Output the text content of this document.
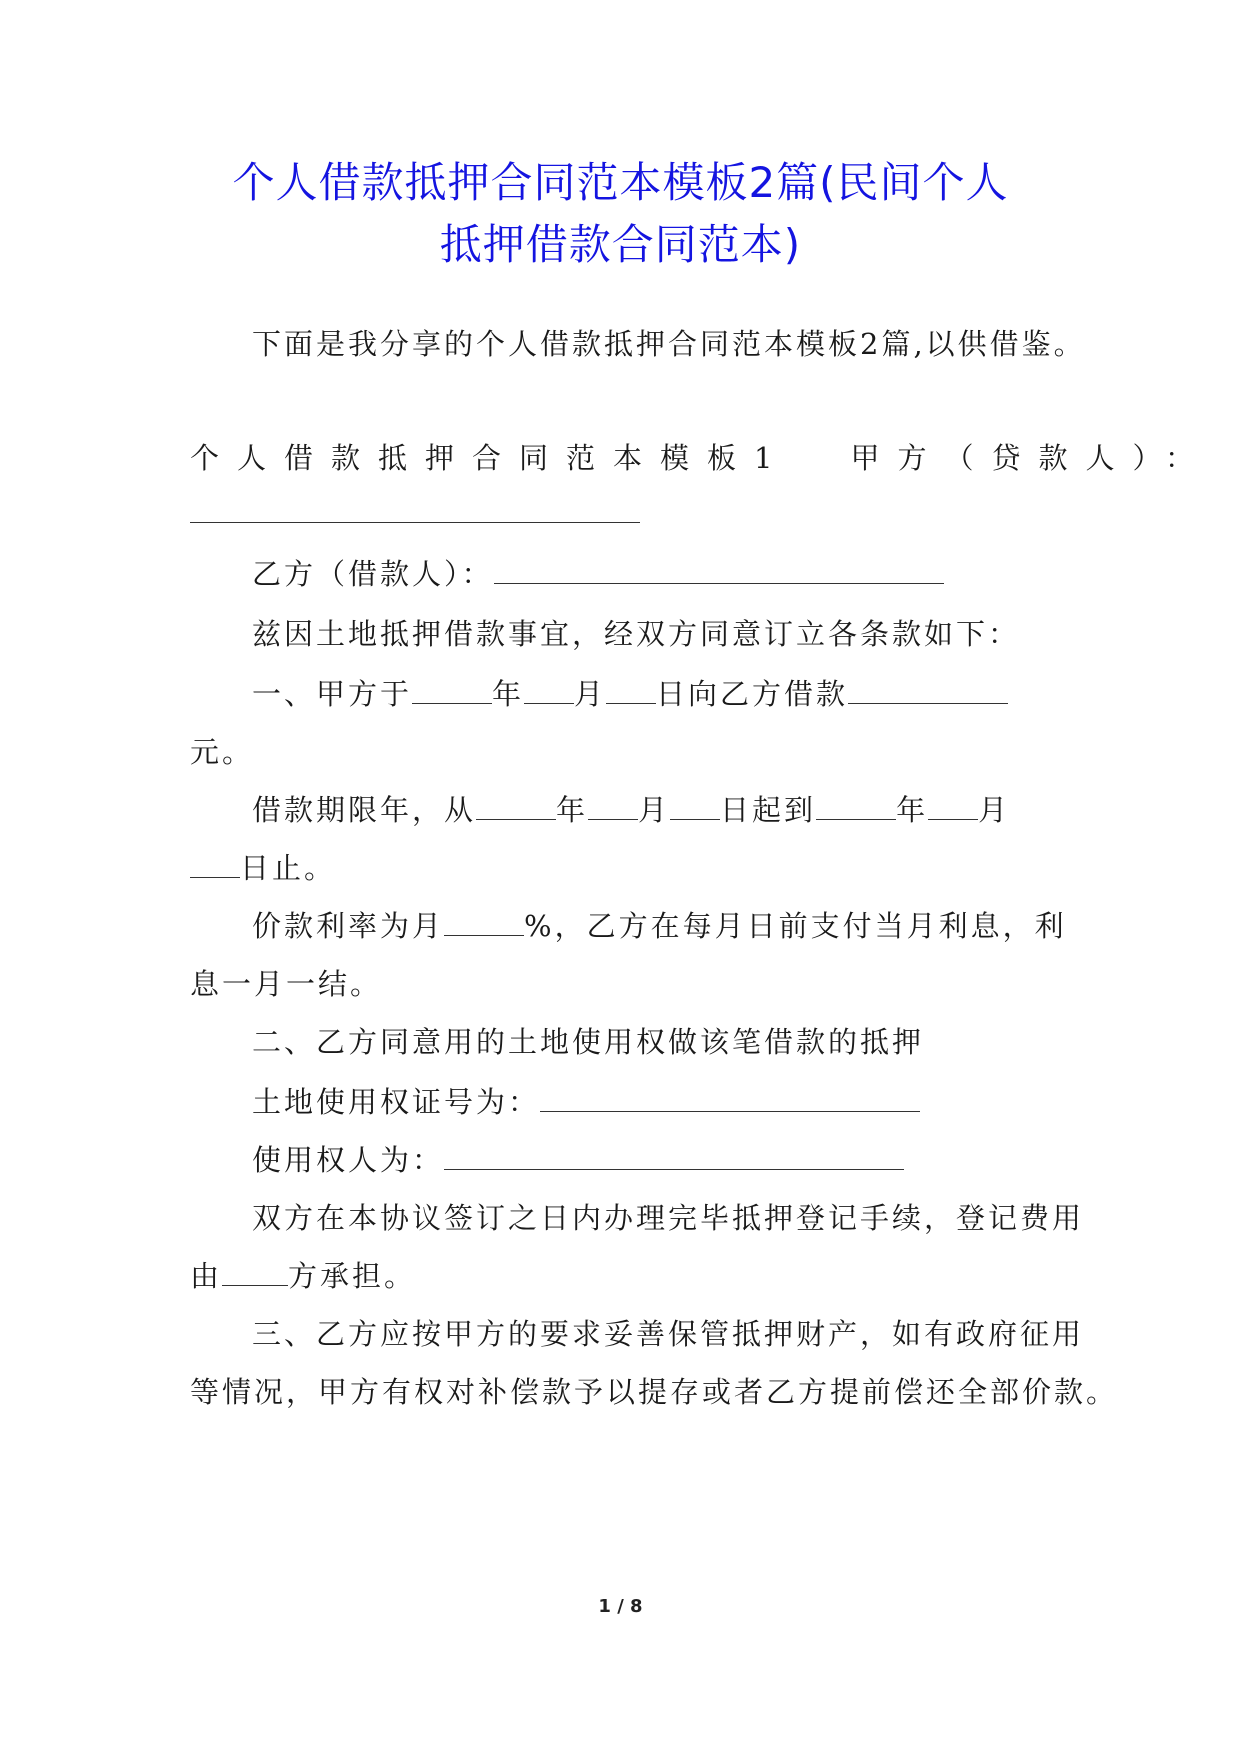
个人借款抵押合同范本模板2篇(民间个人
抵押借款合同范本)
下面是我分享的个人借款抵押合同范本模板2篇,以供借鉴。
个人借款抵押合同范本模板1 甲方（贷款人）：
乙方（借款人）：
兹因土地抵押借款事宜，经双方同意订立各条款如下：
一、甲方于	年 月 日向乙方借款
元。
借款期限年，从	年 月 日起到	年 月
日止。
价款利率为月	%，乙方在每月日前支付当月利息，利
息一月一结。
二、乙方同意用的土地使用权做该笔借款的抵押
土地使用权证号为：
使用权人为：
双方在本协议签订之日内办理完毕抵押登记手续，登记费用
由 方承担。
三、乙方应按甲方的要求妥善保管抵押财产，如有政府征用
等情况，甲方有权对补偿款予以提存或者乙方提前偿还全部价款。
1 / 8
